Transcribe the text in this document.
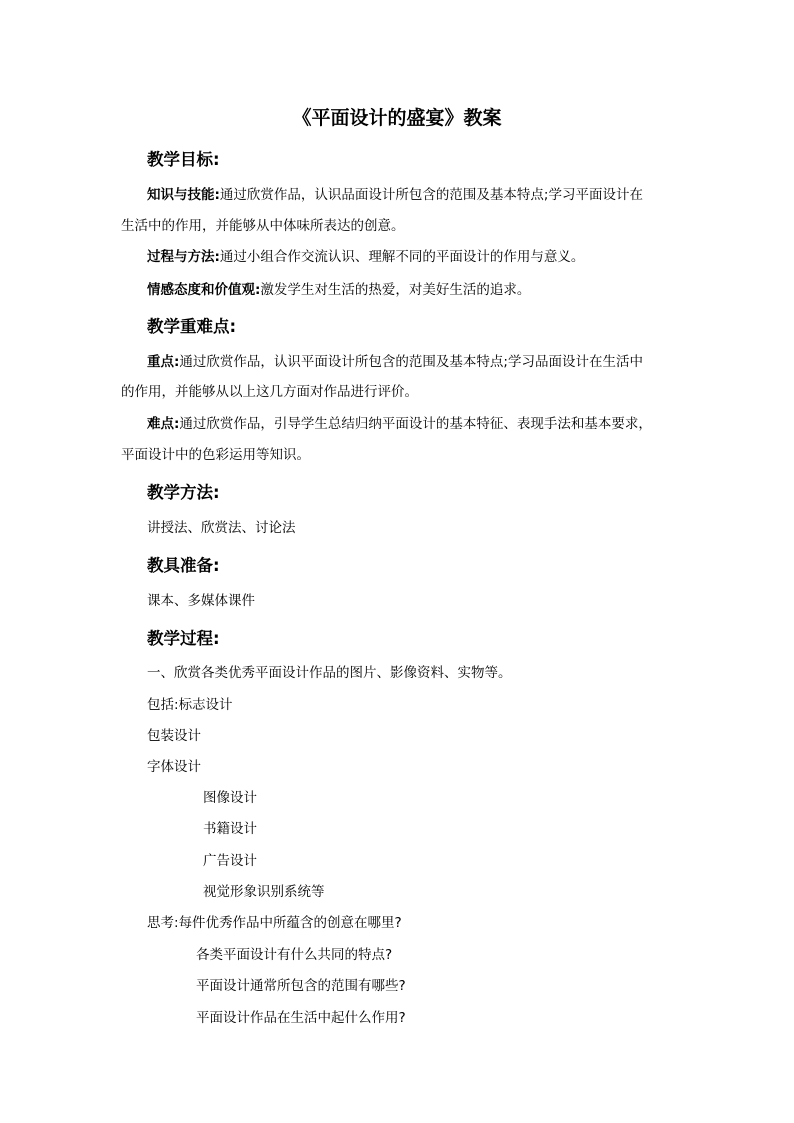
《平面设计的盛宴》教案
教学目标:
知识与技能:通过欣赏作品，认识品面设计所包含的范围及基本特点;学习平面设计在
生活中的作用，并能够从中体味所表达的创意。
过程与方法:通过小组合作交流认识、理解不同的平面设计的作用与意义。
情感态度和价值观:激发学生对生活的热爱，对美好生活的追求。
教学重难点:
重点:通过欣赏作品，认识平面设计所包含的范围及基本特点;学习品面设计在生活中
的作用，并能够从以上这几方面对作品进行评价。
难点:通过欣赏作品，引导学生总结归纳平面设计的基本特征、表现手法和基本要求，
平面设计中的色彩运用等知识。
教学方法:
讲授法、欣赏法、讨论法
教具准备:
课本、多媒体课件
教学过程:
一、欣赏各类优秀平面设计作品的图片、影像资料、实物等。
包括:标志设计
包装设计
字体设计
图像设计
书籍设计
广告设计
视觉形象识别系统等
思考:每件优秀作品中所蕴含的创意在哪里?
各类平面设计有什么共同的特点?
平面设计通常所包含的范围有哪些?
平面设计作品在生活中起什么作用?
